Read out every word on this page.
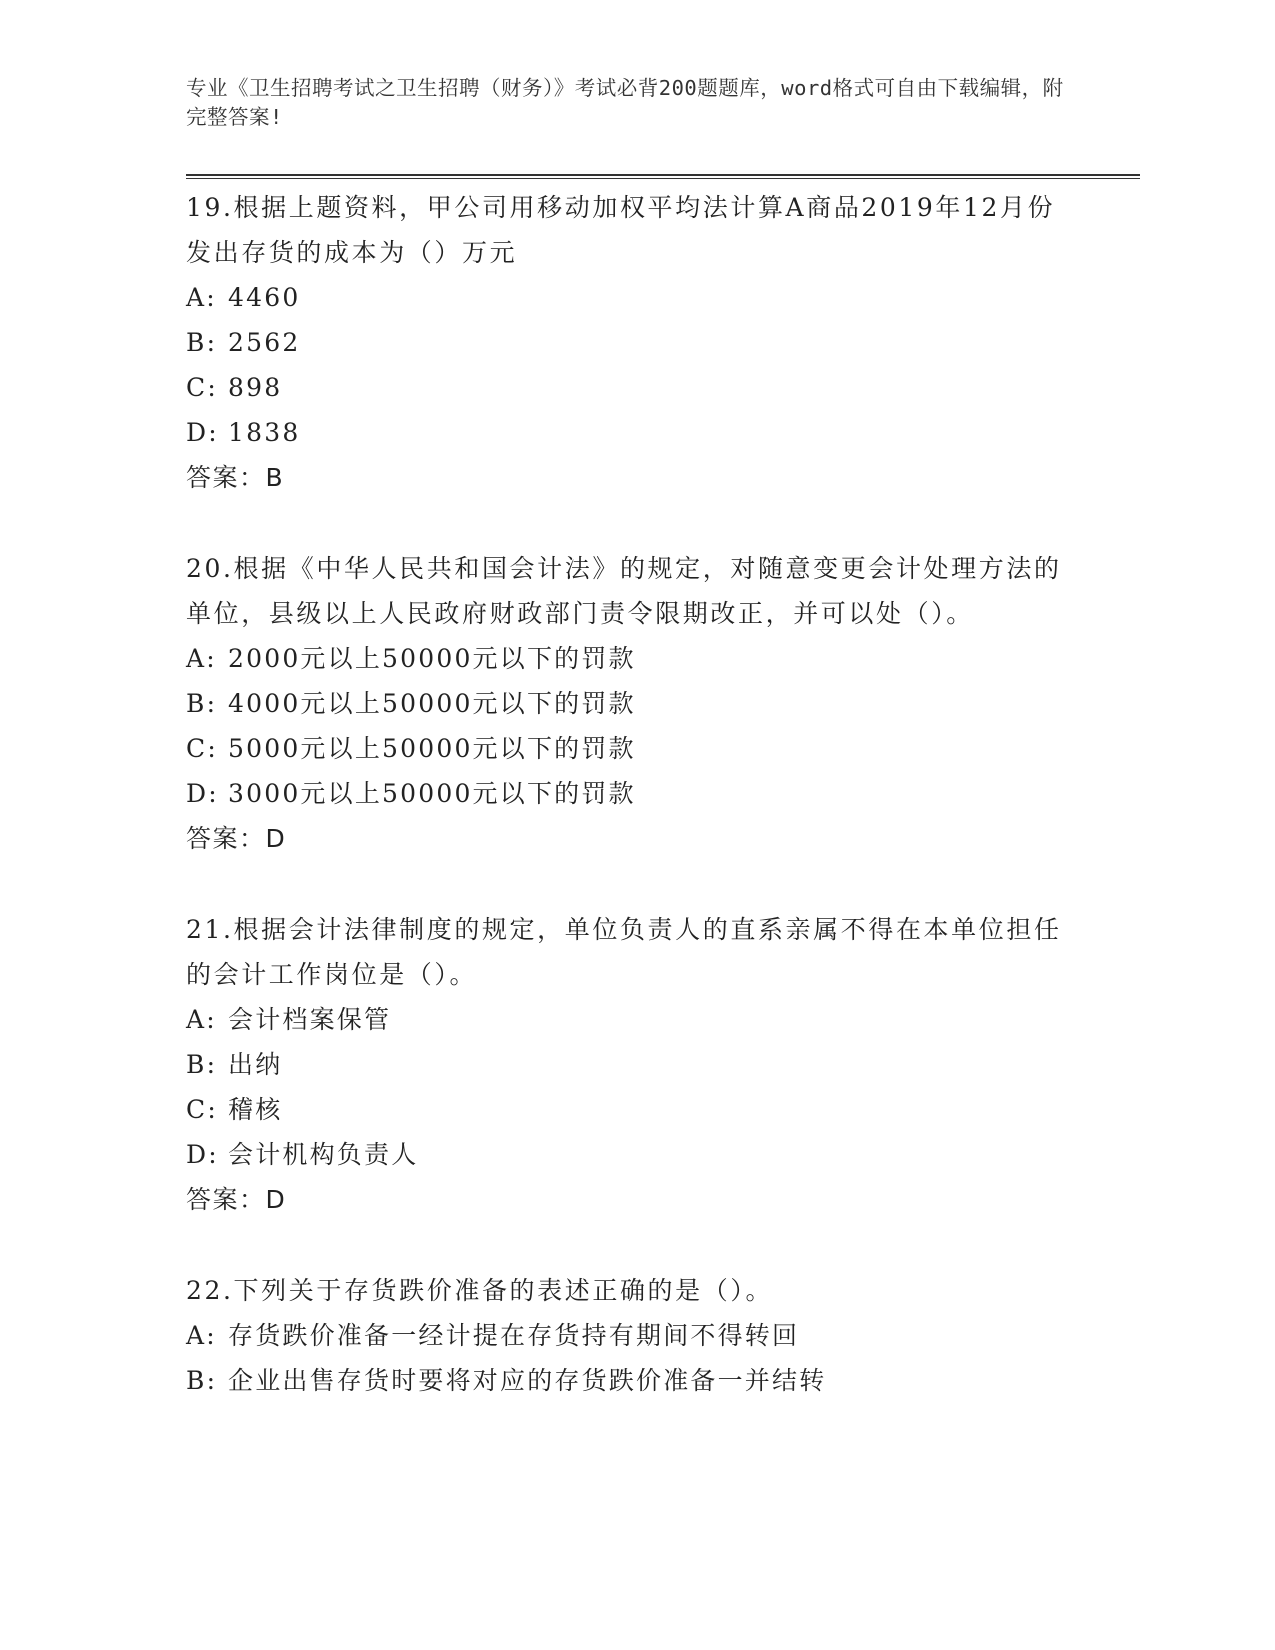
专业《卫生招聘考试之卫生招聘（财务）》考试必背200题题库，word格式可自由下载编辑，附完整答案!
19.根据上题资料，甲公司用移动加权平均法计算A商品2019年12月份发出存货的成本为（）万元
A: 4460
B: 2562
C: 898
D: 1838
答案：B
20.根据《中华人民共和国会计法》的规定，对随意变更会计处理方法的单位，县级以上人民政府财政部门责令限期改正，并可以处（）。
A: 2000元以上50000元以下的罚款
B: 4000元以上50000元以下的罚款
C: 5000元以上50000元以下的罚款
D: 3000元以上50000元以下的罚款
答案：D
21.根据会计法律制度的规定，单位负责人的直系亲属不得在本单位担任的会计工作岗位是（）。
A: 会计档案保管
B: 出纳
C: 稽核
D: 会计机构负责人
答案：D
22.下列关于存货跌价准备的表述正确的是（）。
A: 存货跌价准备一经计提在存货持有期间不得转回
B: 企业出售存货时要将对应的存货跌价准备一并结转
